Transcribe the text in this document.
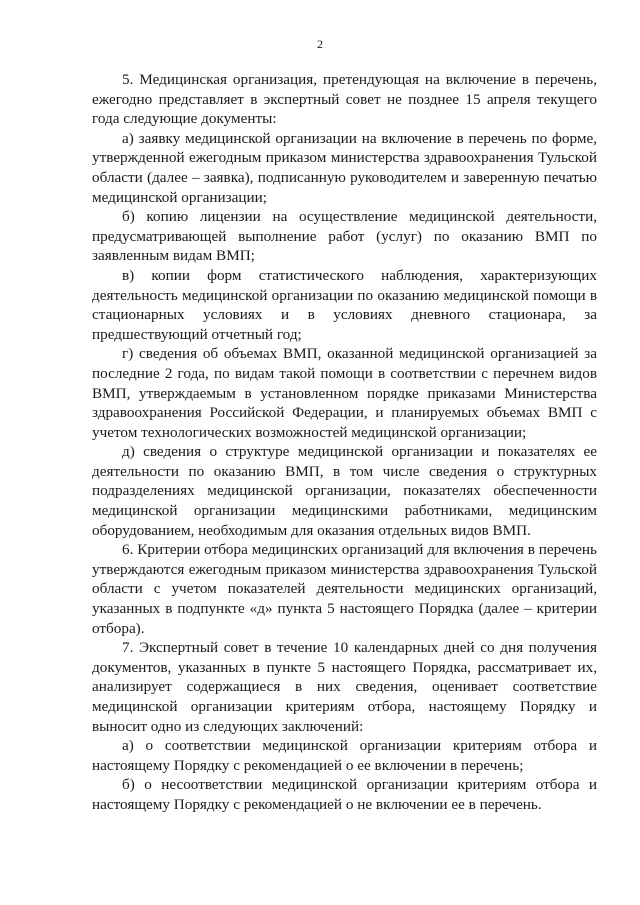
2

5. Медицинская организация, претендующая на включение в перечень, ежегодно представляет в экспертный совет не позднее 15 апреля текущего года следующие документы:

а) заявку медицинской организации на включение в перечень по форме, утвержденной ежегодным приказом министерства здравоохранения Тульской области (далее – заявка), подписанную руководителем и заверенную печатью медицинской организации;

б) копию лицензии на осуществление медицинской деятельности, предусматривающей выполнение работ (услуг) по оказанию ВМП по заявленным видам ВМП;

в) копии форм статистического наблюдения, характеризующих деятельность медицинской организации по оказанию медицинской помощи в стационарных условиях и в условиях дневного стационара, за предшествующий отчетный год;

г) сведения об объемах ВМП, оказанной медицинской организацией за последние 2 года, по видам такой помощи в соответствии с перечнем видов ВМП, утверждаемым в установленном порядке приказами Министерства здравоохранения Российской Федерации, и планируемых объемах ВМП с учетом технологических возможностей медицинской организации;

д) сведения о структуре медицинской организации и показателях ее деятельности по оказанию ВМП, в том числе сведения о структурных подразделениях медицинской организации, показателях обеспеченности медицинской организации медицинскими работниками, медицинским оборудованием, необходимым для оказания отдельных видов ВМП.

6. Критерии отбора медицинских организаций для включения в перечень утверждаются ежегодным приказом министерства здравоохранения Тульской области с учетом показателей деятельности медицинских организаций, указанных в подпункте «д» пункта 5 настоящего Порядка (далее – критерии отбора).

7. Экспертный совет в течение 10 календарных дней со дня получения документов, указанных в пункте 5 настоящего Порядка, рассматривает их, анализирует содержащиеся в них сведения, оценивает соответствие медицинской организации критериям отбора, настоящему Порядку и выносит одно из следующих заключений:

а) о соответствии медицинской организации критериям отбора и настоящему Порядку с рекомендацией о ее включении в перечень;

б) о несоответствии медицинской организации критериям отбора и настоящему Порядку с рекомендацией о не включении ее в перечень.
